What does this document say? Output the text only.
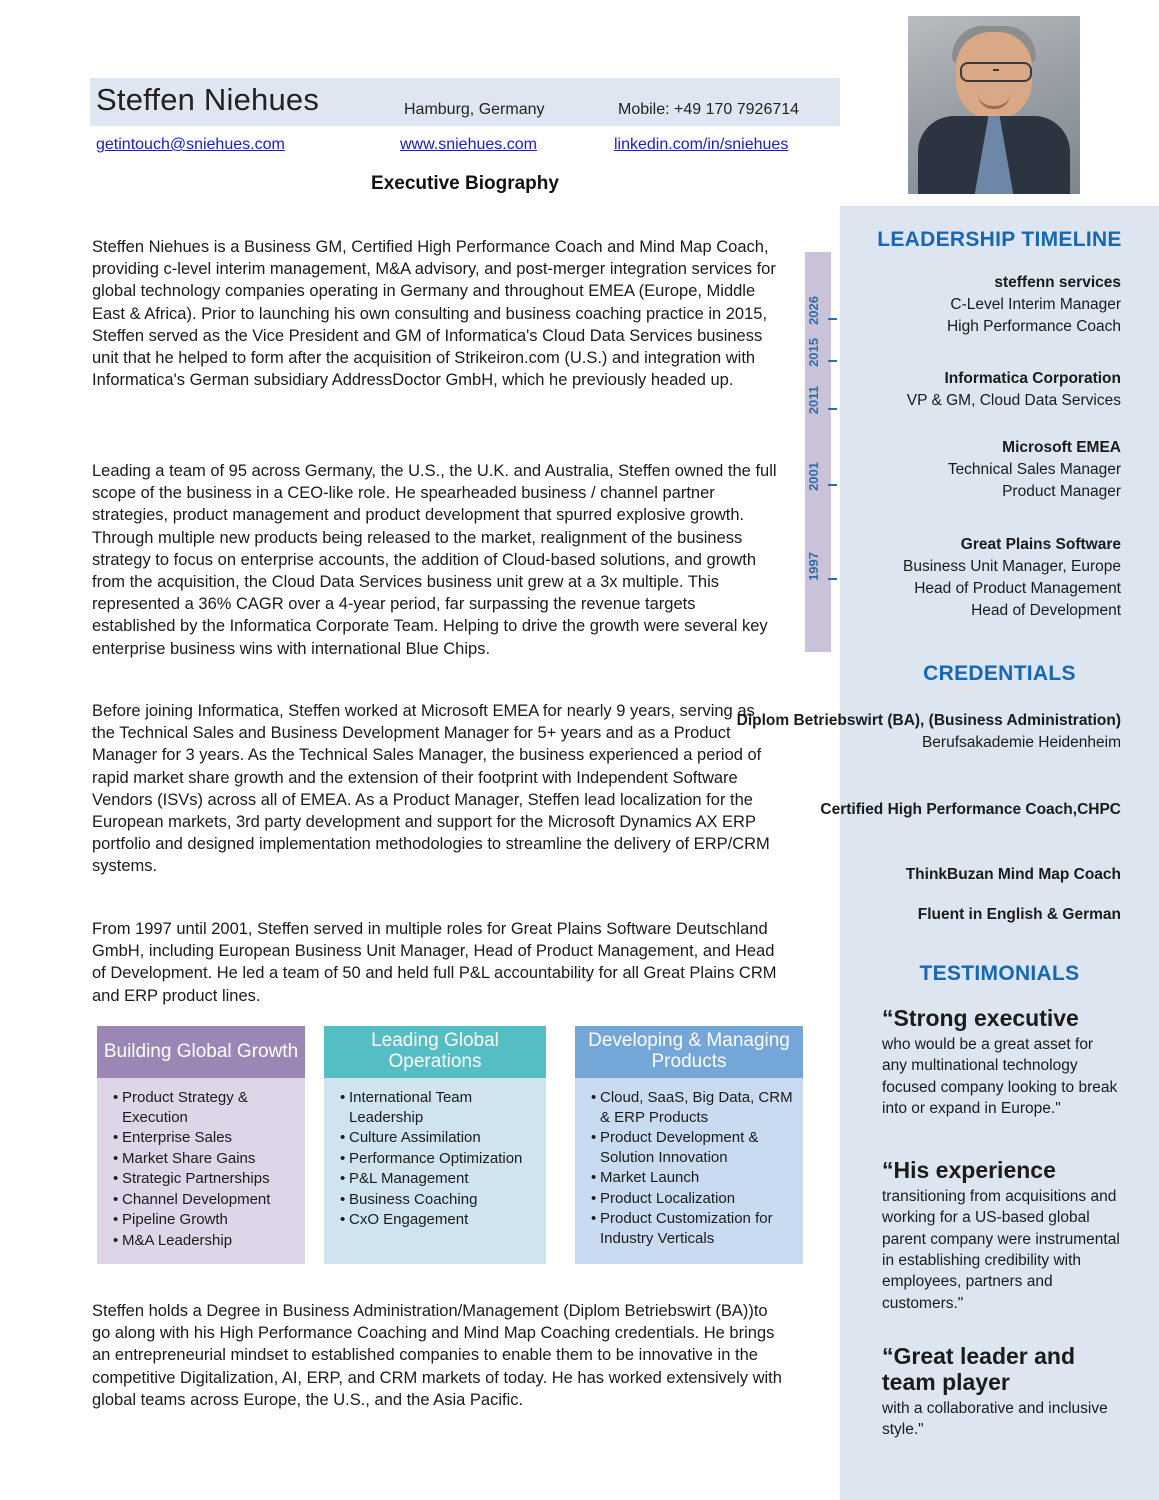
Steffen Niehues	Hamburg, Germany	Mobile: +49 170 7926714
getintouch@sniehues.com	www.sniehues.com	linkedin.com/in/sniehues
Executive Biography
Steffen Niehues is a Business GM, Certified High Performance Coach and Mind Map Coach, providing c-level interim management, M&A advisory, and post-merger integration services for global technology companies operating in Germany and throughout EMEA (Europe, Middle East & Africa). Prior to launching his own consulting and business coaching practice in 2015, Steffen served as the Vice President and GM of Informatica's Cloud Data Services business unit that he helped to form after the acquisition of Strikeiron.com (U.S.) and integration with Informatica's German subsidiary AddressDoctor GmbH, which he previously headed up.
Leading a team of 95 across Germany, the U.S., the U.K. and Australia, Steffen owned the full scope of the business in a CEO-like role. He spearheaded business / channel partner strategies, product management and product development that spurred explosive growth. Through multiple new products being released to the market, realignment of the business strategy to focus on enterprise accounts, the addition of Cloud-based solutions, and growth from the acquisition, the Cloud Data Services business unit grew at a 3x multiple. This represented a 36% CAGR over a 4-year period, far surpassing the revenue targets established by the Informatica Corporate Team. Helping to drive the growth were several key enterprise business wins with international Blue Chips.
Before joining Informatica, Steffen worked at Microsoft EMEA for nearly 9 years, serving as the Technical Sales and Business Development Manager for 5+ years and as a Product Manager for 3 years. As the Technical Sales Manager, the business experienced a period of rapid market share growth and the extension of their footprint with Independent Software Vendors (ISVs) across all of EMEA. As a Product Manager, Steffen lead localization for the European markets, 3rd party development and support for the Microsoft Dynamics AX ERP portfolio and designed implementation methodologies to streamline the delivery of ERP/CRM systems.
From 1997 until 2001, Steffen served in multiple roles for Great Plains Software Deutschland GmbH, including European Business Unit Manager, Head of Product Management, and Head of Development. He led a team of 50 and held full P&L accountability for all Great Plains CRM and ERP product lines.
Steffen holds a Degree in Business Administration/Management (Diplom Betriebswirt (BA))to go along with his High Performance Coaching and Mind Map Coaching credentials. He brings an entrepreneurial mindset to established companies to enable them to be innovative in the competitive Digitalization, AI, ERP, and CRM markets of today. He has worked extensively with global teams across Europe, the U.S., and the Asia Pacific.
Building Global Growth
• Product Strategy & Execution
• Enterprise Sales
• Market Share Gains
• Strategic Partnerships
• Channel Development
• Pipeline Growth
• M&A Leadership
Leading Global Operations
• International Team Leadership
• Culture Assimilation
• Performance Optimization
• P&L Management
• Business Coaching
• CxO Engagement
Developing & Managing Products
• Cloud, SaaS, Big Data, CRM & ERP Products
• Product Development & Solution Innovation
• Market Launch
• Product Localization
• Product Customization for Industry Verticals
2026
2015
2011
2001
1997
LEADERSHIP TIMELINE
CREDENTIALS
TESTIMONIALS
steffenn services
C-Level Interim Manager
High Performance Coach
Informatica Corporation
VP & GM, Cloud Data Services
Microsoft EMEA
Technical Sales Manager
Product Manager
Great Plains Software
Business Unit Manager, Europe
Head of Product Management
Head of Development
Diplom Betriebswirt (BA), (Business Administration)
Berufsakademie Heidenheim
Certified High Performance Coach,CHPC
ThinkBuzan Mind Map Coach
Fluent in English & German
“Strong executive
who would be a great asset for any multinational technology focused company looking to break into or expand in Europe."
“His experience
transitioning from acquisitions and working for a US-based global parent company were instrumental in establishing credibility with employees, partners and customers."
“Great leader and team player
with a collaborative and inclusive style."
